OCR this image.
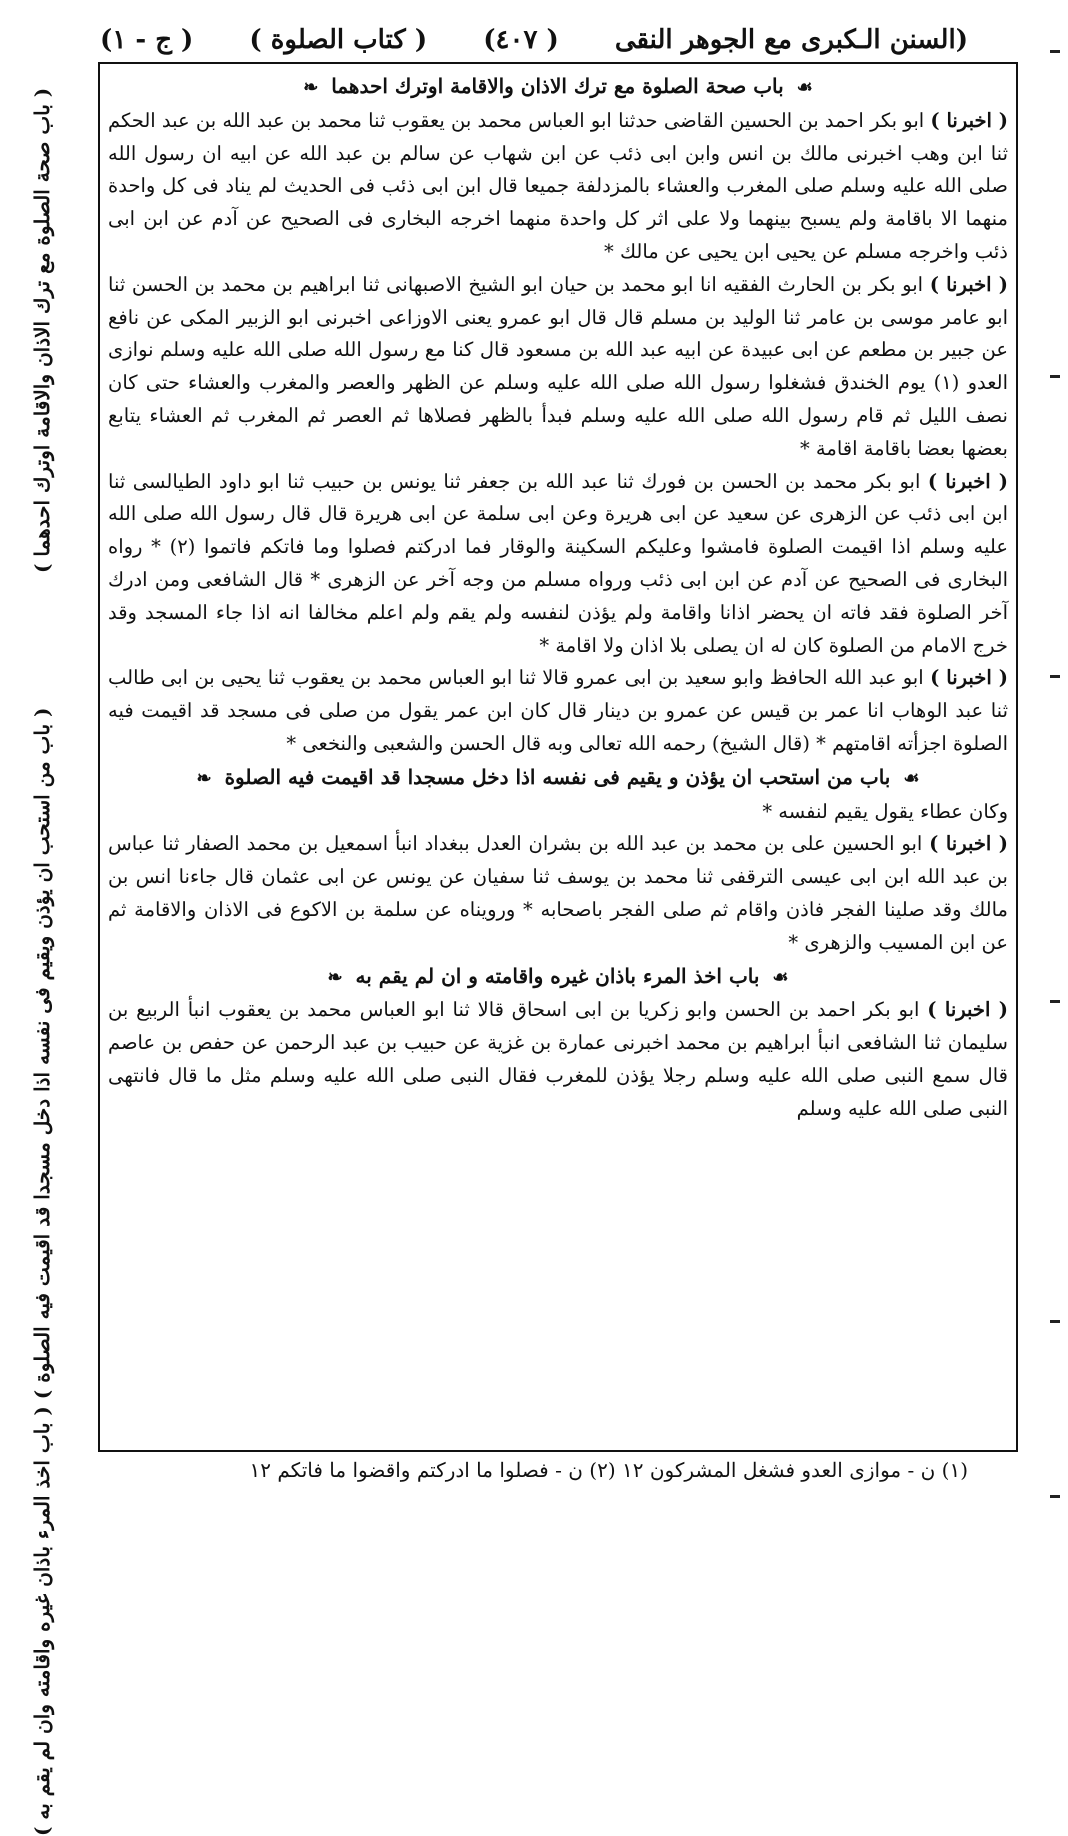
(السنن الـكبرى مع الجوهر النقى
( ٤٠٧)
( كتاب الصلوة )
( ج - ١)
( باب صحة الصلوة مع ترك الاذان والاقامة اوترك احدهما )
( باب من استحب ان يؤذن ويقيم فى نفسه اذا دخل مسجدا قد اقيمت فيه الصلوة ) ( باب اخذ المرء باذان غيره واقامته وان لم يقم به )

☙ باب صحة الصلوة مع ترك الاذان والاقامة اوترك احدهما ❧

( اخبرنا ) ابو بكر احمد بن الحسين القاضى حدثنا ابو العباس محمد بن يعقوب ثنا محمد بن عبد الله بن عبد الحكم ثنا ابن وهب اخبرنى مالك بن انس وابن ابى ذئب عن ابن شهاب عن سالم بن عبد الله عن ابيه ان رسول الله صلى الله عليه وسلم صلى المغرب والعشاء بالمزدلفة جميعا قال ابن ابى ذئب فى الحديث لم يناد فى كل واحدة منهما الا باقامة ولم يسبح بينهما ولا على اثر كل واحدة منهما اخرجه البخارى فى الصحيح عن آدم عن ابن ابى ذئب واخرجه مسلم عن يحيى ابن يحيى عن مالك *

( اخبرنا ) ابو بكر بن الحارث الفقيه انا ابو محمد بن حيان ابو الشيخ الاصبهانى ثنا ابراهيم بن محمد بن الحسن ثنا ابو عامر موسى بن عامر ثنا الوليد بن مسلم قال قال ابو عمرو يعنى الاوزاعى اخبرنى ابو الزبير المكى عن نافع عن جبير بن مطعم عن ابى عبيدة عن ابيه عبد الله بن مسعود قال كنا مع رسول الله صلى الله عليه وسلم نوازى العدو (١) يوم الخندق فشغلوا رسول الله صلى الله عليه وسلم عن الظهر والعصر والمغرب والعشاء حتى كان نصف الليل ثم قام رسول الله صلى الله عليه وسلم فبدأ بالظهر فصلاها ثم العصر ثم المغرب ثم العشاء يتابع بعضها بعضا باقامة اقامة *

( اخبرنا ) ابو بكر محمد بن الحسن بن فورك ثنا عبد الله بن جعفر ثنا يونس بن حبيب ثنا ابو داود الطيالسى ثنا ابن ابى ذئب عن الزهرى عن سعيد عن ابى هريرة وعن ابى سلمة عن ابى هريرة قال قال رسول الله صلى الله عليه وسلم اذا اقيمت الصلوة فامشوا وعليكم السكينة والوقار فما ادركتم فصلوا وما فاتكم فاتموا (٢) * رواه البخارى فى الصحيح عن آدم عن ابن ابى ذئب ورواه مسلم من وجه آخر عن الزهرى * قال الشافعى ومن ادرك آخر الصلوة فقد فاته ان يحضر اذانا واقامة ولم يؤذن لنفسه ولم يقم ولم اعلم مخالفا انه اذا جاء المسجد وقد خرج الامام من الصلوة كان له ان يصلى بلا اذان ولا اقامة *

( اخبرنا ) ابو عبد الله الحافظ وابو سعيد بن ابى عمرو قالا ثنا ابو العباس محمد بن يعقوب ثنا يحيى بن ابى طالب ثنا عبد الوهاب انا عمر بن قيس عن عمرو بن دينار قال كان ابن عمر يقول من صلى فى مسجد قد اقيمت فيه الصلوة اجزأته اقامتهم * (قال الشيخ) رحمه الله تعالى وبه قال الحسن والشعبى والنخعى *

☙ باب من استحب ان يؤذن و يقيم فى نفسه اذا دخل مسجدا قد اقيمت فيه الصلوة ❧

وكان عطاء يقول يقيم لنفسه *

( اخبرنا ) ابو الحسين على بن محمد بن عبد الله بن بشران العدل ببغداد انبأ اسمعيل بن محمد الصفار ثنا عباس بن عبد الله ابن ابى عيسى الترقفى ثنا محمد بن يوسف ثنا سفيان عن يونس عن ابى عثمان قال جاءنا انس بن مالك وقد صلينا الفجر فاذن واقام ثم صلى الفجر باصحابه * ورويناه عن سلمة بن الاكوع فى الاذان والاقامة ثم عن ابن المسيب والزهرى *

☙ باب اخذ المرء باذان غيره واقامته و ان لم يقم به ❧

( اخبرنا ) ابو بكر احمد بن الحسن وابو زكريا بن ابى اسحاق قالا ثنا ابو العباس محمد بن يعقوب انبأ الربيع بن سليمان ثنا الشافعى انبأ ابراهيم بن محمد اخبرنى عمارة بن غزية عن حبيب بن عبد الرحمن عن حفص بن عاصم قال سمع النبى صلى الله عليه وسلم رجلا يؤذن للمغرب فقال النبى صلى الله عليه وسلم مثل ما قال فانتهى النبى صلى الله عليه وسلم

(١) ن - موازى العدو فشغل المشركون ١٢ (٢) ن - فصلوا ما ادركتم واقضوا ما فاتكم ١٢
